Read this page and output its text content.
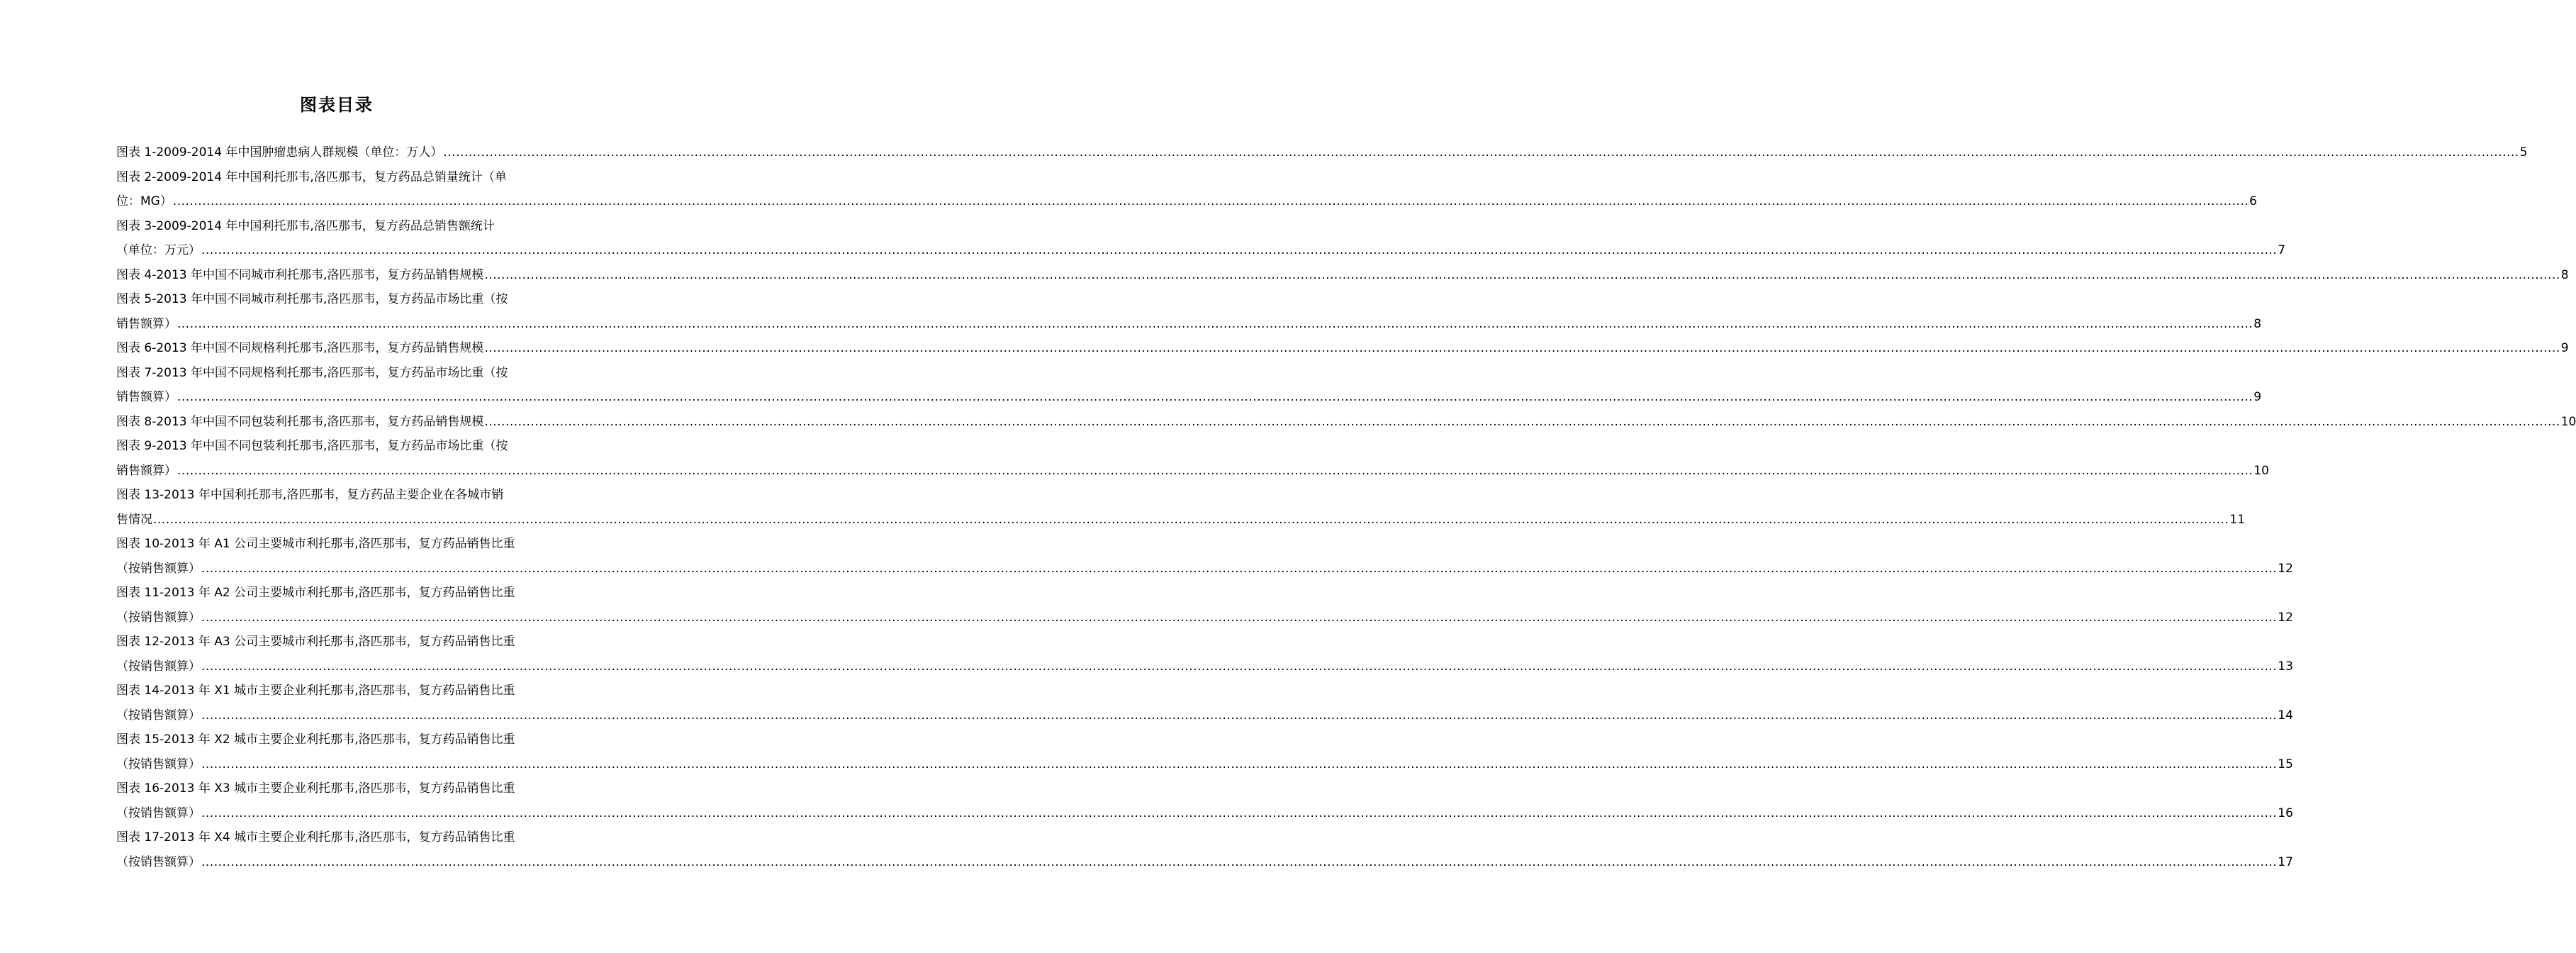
图表目录
图表 1-2009-2014 年中国肿瘤患病人群规模（单位：万人） .....	5
图表 2-2009-2014 年中国利托那韦,洛匹那韦，复方药品总销量统计（单
位：MG） .....	6
图表 3-2009-2014 年中国利托那韦,洛匹那韦，复方药品总销售额统计
（单位：万元） .....	7
图表 4-2013 年中国不同城市利托那韦,洛匹那韦，复方药品销售规模 .....	8
图表 5-2013 年中国不同城市利托那韦,洛匹那韦，复方药品市场比重（按
销售额算） .....	8
图表 6-2013 年中国不同规格利托那韦,洛匹那韦，复方药品销售规模 .....	9
图表 7-2013 年中国不同规格利托那韦,洛匹那韦，复方药品市场比重（按
销售额算） .....	9
图表 8-2013 年中国不同包装利托那韦,洛匹那韦，复方药品销售规模 .....	10
图表 9-2013 年中国不同包装利托那韦,洛匹那韦，复方药品市场比重（按
销售额算） .....	10
图表 13-2013 年中国利托那韦,洛匹那韦，复方药品主要企业在各城市销
售情况 .....	11
图表 10-2013 年 A1 公司主要城市利托那韦,洛匹那韦，复方药品销售比重
（按销售额算） .....	12
图表 11-2013 年 A2 公司主要城市利托那韦,洛匹那韦，复方药品销售比重
（按销售额算） .....	12
图表 12-2013 年 A3 公司主要城市利托那韦,洛匹那韦，复方药品销售比重
（按销售额算） .....	13
图表 14-2013 年 X1 城市主要企业利托那韦,洛匹那韦，复方药品销售比重
（按销售额算） .....	14
图表 15-2013 年 X2 城市主要企业利托那韦,洛匹那韦，复方药品销售比重
（按销售额算） .....	15
图表 16-2013 年 X3 城市主要企业利托那韦,洛匹那韦，复方药品销售比重
（按销售额算） .....	16
图表 17-2013 年 X4 城市主要企业利托那韦,洛匹那韦，复方药品销售比重
（按销售额算） .....	17
